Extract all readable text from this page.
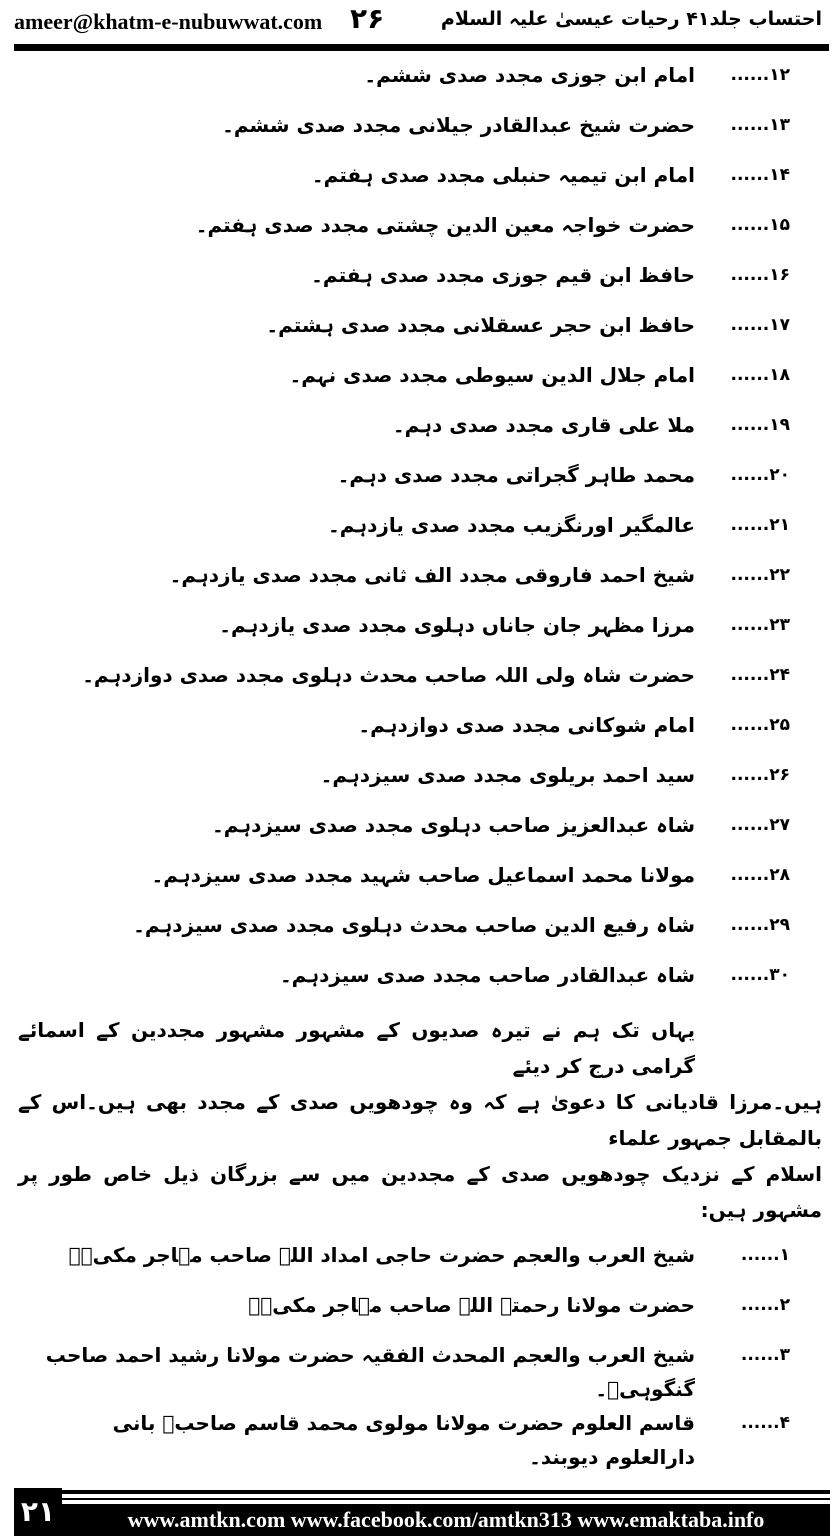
ameer@khatm-e-nubuwwat.com ۲۶	احتساب جلد۴۱ رحیات عیسیٰ علیہ السلام
۱۲......
امام ابن جوزی مجدد صدی ششم۔
۱۳......
حضرت شیخ عبدالقادر جیلانی مجدد صدی ششم۔
۱۴......
امام ابن تیمیہ حنبلی مجدد صدی ہفتم۔
۱۵......
حضرت خواجہ معین الدین چشتی مجدد صدی ہفتم۔
۱۶......
حافظ ابن قیم جوزی مجدد صدی ہفتم۔
۱۷......
حافظ ابن حجر عسقلانی مجدد صدی ہشتم۔
۱۸......
امام جلال الدین سیوطی مجدد صدی نہم۔
۱۹......
ملا علی قاری مجدد صدی دہم۔
۲۰......
محمد طاہر گجراتی مجدد صدی دہم۔
۲۱......
عالمگیر اورنگزیب مجدد صدی یازدہم۔
۲۲......
شیخ احمد فاروقی مجدد الف ثانی مجدد صدی یازدہم۔
۲۳......
مرزا مظہر جان جاناں دہلوی مجدد صدی یازدہم۔
۲۴......
حضرت شاہ ولی اللہ صاحب محدث دہلوی مجدد صدی دوازدہم۔
۲۵......
امام شوکانی مجدد صدی دوازدہم۔
۲۶......
سید احمد بریلوی مجدد صدی سیزدہم۔
۲۷......
شاہ عبدالعزیز صاحب دہلوی مجدد صدی سیزدہم۔
۲۸......
مولانا محمد اسماعیل صاحب شہید مجدد صدی سیزدہم۔
۲۹......
شاہ رفیع الدین صاحب محدث دہلوی مجدد صدی سیزدہم۔
۳۰......
شاہ عبدالقادر صاحب مجدد صدی سیزدہم۔
یہاں تک ہم نے تیرہ صدیوں کے مشہور مشہور مجددین کے اسمائے گرامی درج کر دیئے
ہیں۔مرزا قادیانی کا دعویٰ ہے کہ وہ چودھویں صدی کے مجدد بھی ہیں۔اس کے بالمقابل جمہور علماء
اسلام کے نزدیک چودھویں صدی کے مجددین میں سے بزرگان ذیل خاص طور پر مشہور ہیں:
۱......
شیخ العرب والعجم حضرت حاجی امداد اللہ صاحب مہاجر مکیؒ۔
۲......
حضرت مولانا رحمتہ اللہ صاحب مہاجر مکیؒ۔
۳......
شیخ العرب والعجم المحدث الفقیہ حضرت مولانا رشید احمد صاحب گنگوہیؒ۔
۴......
قاسم العلوم حضرت مولانا مولوی محمد قاسم صاحبؒ بانی دارالعلوم دیوبند۔
۲۱	www.amtkn.com www.facebook.com/amtkn313 www.emaktaba.info
